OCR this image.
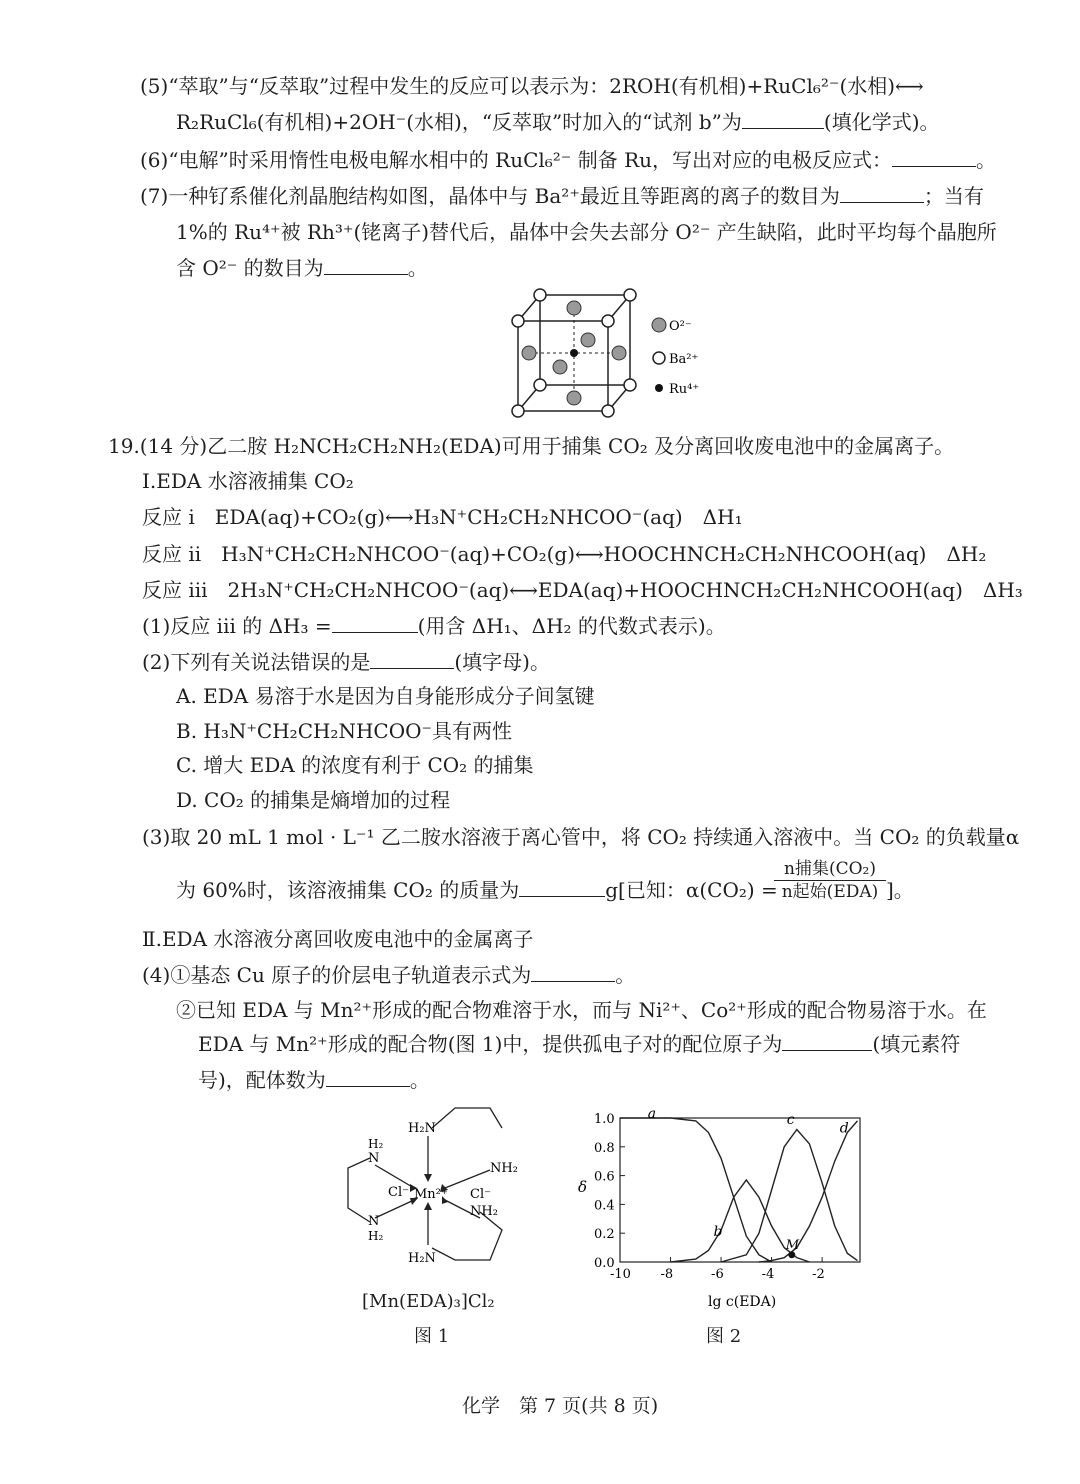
(5)“萃取”与“反萃取”过程中发生的反应可以表示为：2ROH(有机相)+RuCl₆²⁻(水相)⟷
R₂RuCl₆(有机相)+2OH⁻(水相)，“反萃取”时加入的“试剂 b”为	(填化学式)。
(6)“电解”时采用惰性电极电解水相中的 RuCl₆²⁻ 制备 Ru，写出对应的电极反应式：	。
(7)一种钌系催化剂晶胞结构如图，晶体中与 Ba²⁺最近且等距离的离子的数目为	；当有
1%的 Ru⁴⁺被 Rh³⁺(铑离子)替代后，晶体中会失去部分 O²⁻ 产生缺陷，此时平均每个晶胞所
含 O²⁻ 的数目为	。
O²⁻
Ba²⁺
Ru⁴⁺
19.(14 分)乙二胺 H₂NCH₂CH₂NH₂(EDA)可用于捕集 CO₂ 及分离回收废电池中的金属离子。
Ⅰ.EDA 水溶液捕集 CO₂
反应 i　EDA(aq)+CO₂(g)⟷H₃N⁺CH₂CH₂NHCOO⁻(aq)　ΔH₁
反应 ii　H₃N⁺CH₂CH₂NHCOO⁻(aq)+CO₂(g)⟷HOOCHNCH₂CH₂NHCOOH(aq)　ΔH₂
反应 iii　2H₃N⁺CH₂CH₂NHCOO⁻(aq)⟷EDA(aq)+HOOCHNCH₂CH₂NHCOOH(aq)　ΔH₃
(1)反应 iii 的 ΔH₃ =	(用含 ΔH₁、ΔH₂ 的代数式表示)。
(2)下列有关说法错误的是	(填字母)。
A. EDA 易溶于水是因为自身能形成分子间氢键
B. H₃N⁺CH₂CH₂NHCOO⁻具有两性
C. 增大 EDA 的浓度有利于 CO₂ 的捕集
D. CO₂ 的捕集是熵增加的过程
(3)取 20 mL 1 mol · L⁻¹ 乙二胺水溶液于离心管中，将 CO₂ 持续通入溶液中。当 CO₂ 的负载量α
为 60%时，该溶液捕集 CO₂ 的质量为	g[已知：α(CO₂) =
n捕集(CO₂)
n起始(EDA) ]。
Ⅱ.EDA 水溶液分离回收废电池中的金属离子
(4)①基态 Cu 原子的价层电子轨道表示式为	。
②已知 EDA 与 Mn²⁺形成的配合物难溶于水，而与 Ni²⁺、Co²⁺形成的配合物易溶于水。在
EDA 与 Mn²⁺形成的配合物(图 1)中，提供孤电子对的配位原子为	(填元素符
号)，配体数为	。
H₂N
NH₂
H₂
N
N
H₂
NH₂
H₂N
Mn²⁺
Cl⁻	Cl⁻
[Mn(EDA)₃]Cl₂
图 1
δ
lg c(EDA)
-10 -8	-6	-4	-2
0.0
0.2
0.4
0.6
0.8
1.0 a
b
c
d
M
图 2
化学　第 7 页(共 8 页)
